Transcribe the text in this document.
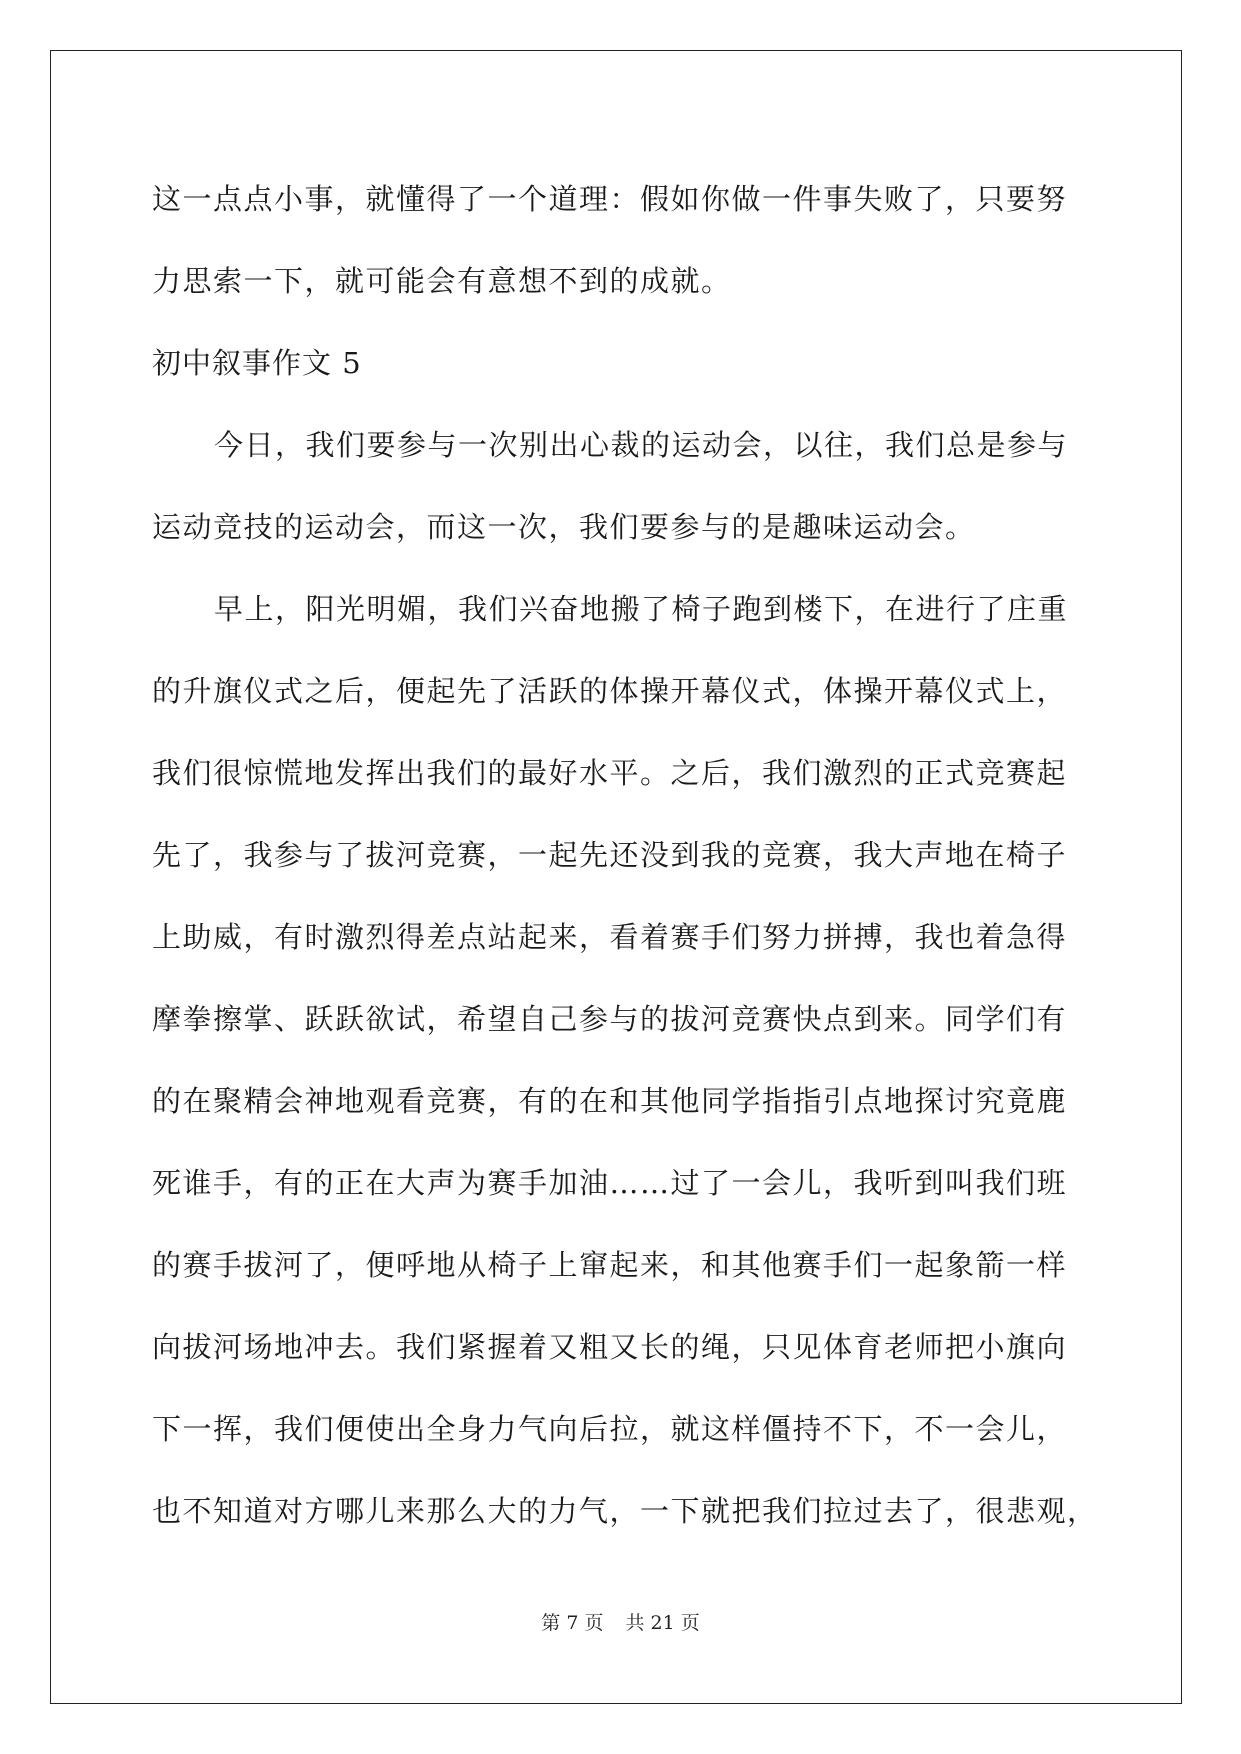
这一点点小事，就懂得了一个道理：假如你做一件事失败了，只要努
力思索一下，就可能会有意想不到的成就。
初中叙事作文 5
今日，我们要参与一次别出心裁的运动会，以往，我们总是参与
运动竞技的运动会，而这一次，我们要参与的是趣味运动会。
早上，阳光明媚，我们兴奋地搬了椅子跑到楼下，在进行了庄重
的升旗仪式之后，便起先了活跃的体操开幕仪式，体操开幕仪式上，
我们很惊慌地发挥出我们的最好水平。之后，我们激烈的正式竞赛起
先了，我参与了拔河竞赛，一起先还没到我的竞赛，我大声地在椅子
上助威，有时激烈得差点站起来，看着赛手们努力拼搏，我也着急得
摩拳擦掌、跃跃欲试，希望自己参与的拔河竞赛快点到来。同学们有
的在聚精会神地观看竞赛，有的在和其他同学指指引点地探讨究竟鹿
死谁手，有的正在大声为赛手加油……过了一会儿，我听到叫我们班
的赛手拔河了，便呼地从椅子上窜起来，和其他赛手们一起象箭一样
向拔河场地冲去。我们紧握着又粗又长的绳，只见体育老师把小旗向
下一挥，我们便使出全身力气向后拉，就这样僵持不下，不一会儿，
也不知道对方哪儿来那么大的力气，一下就把我们拉过去了，很悲观，
第 7 页 共 21 页
